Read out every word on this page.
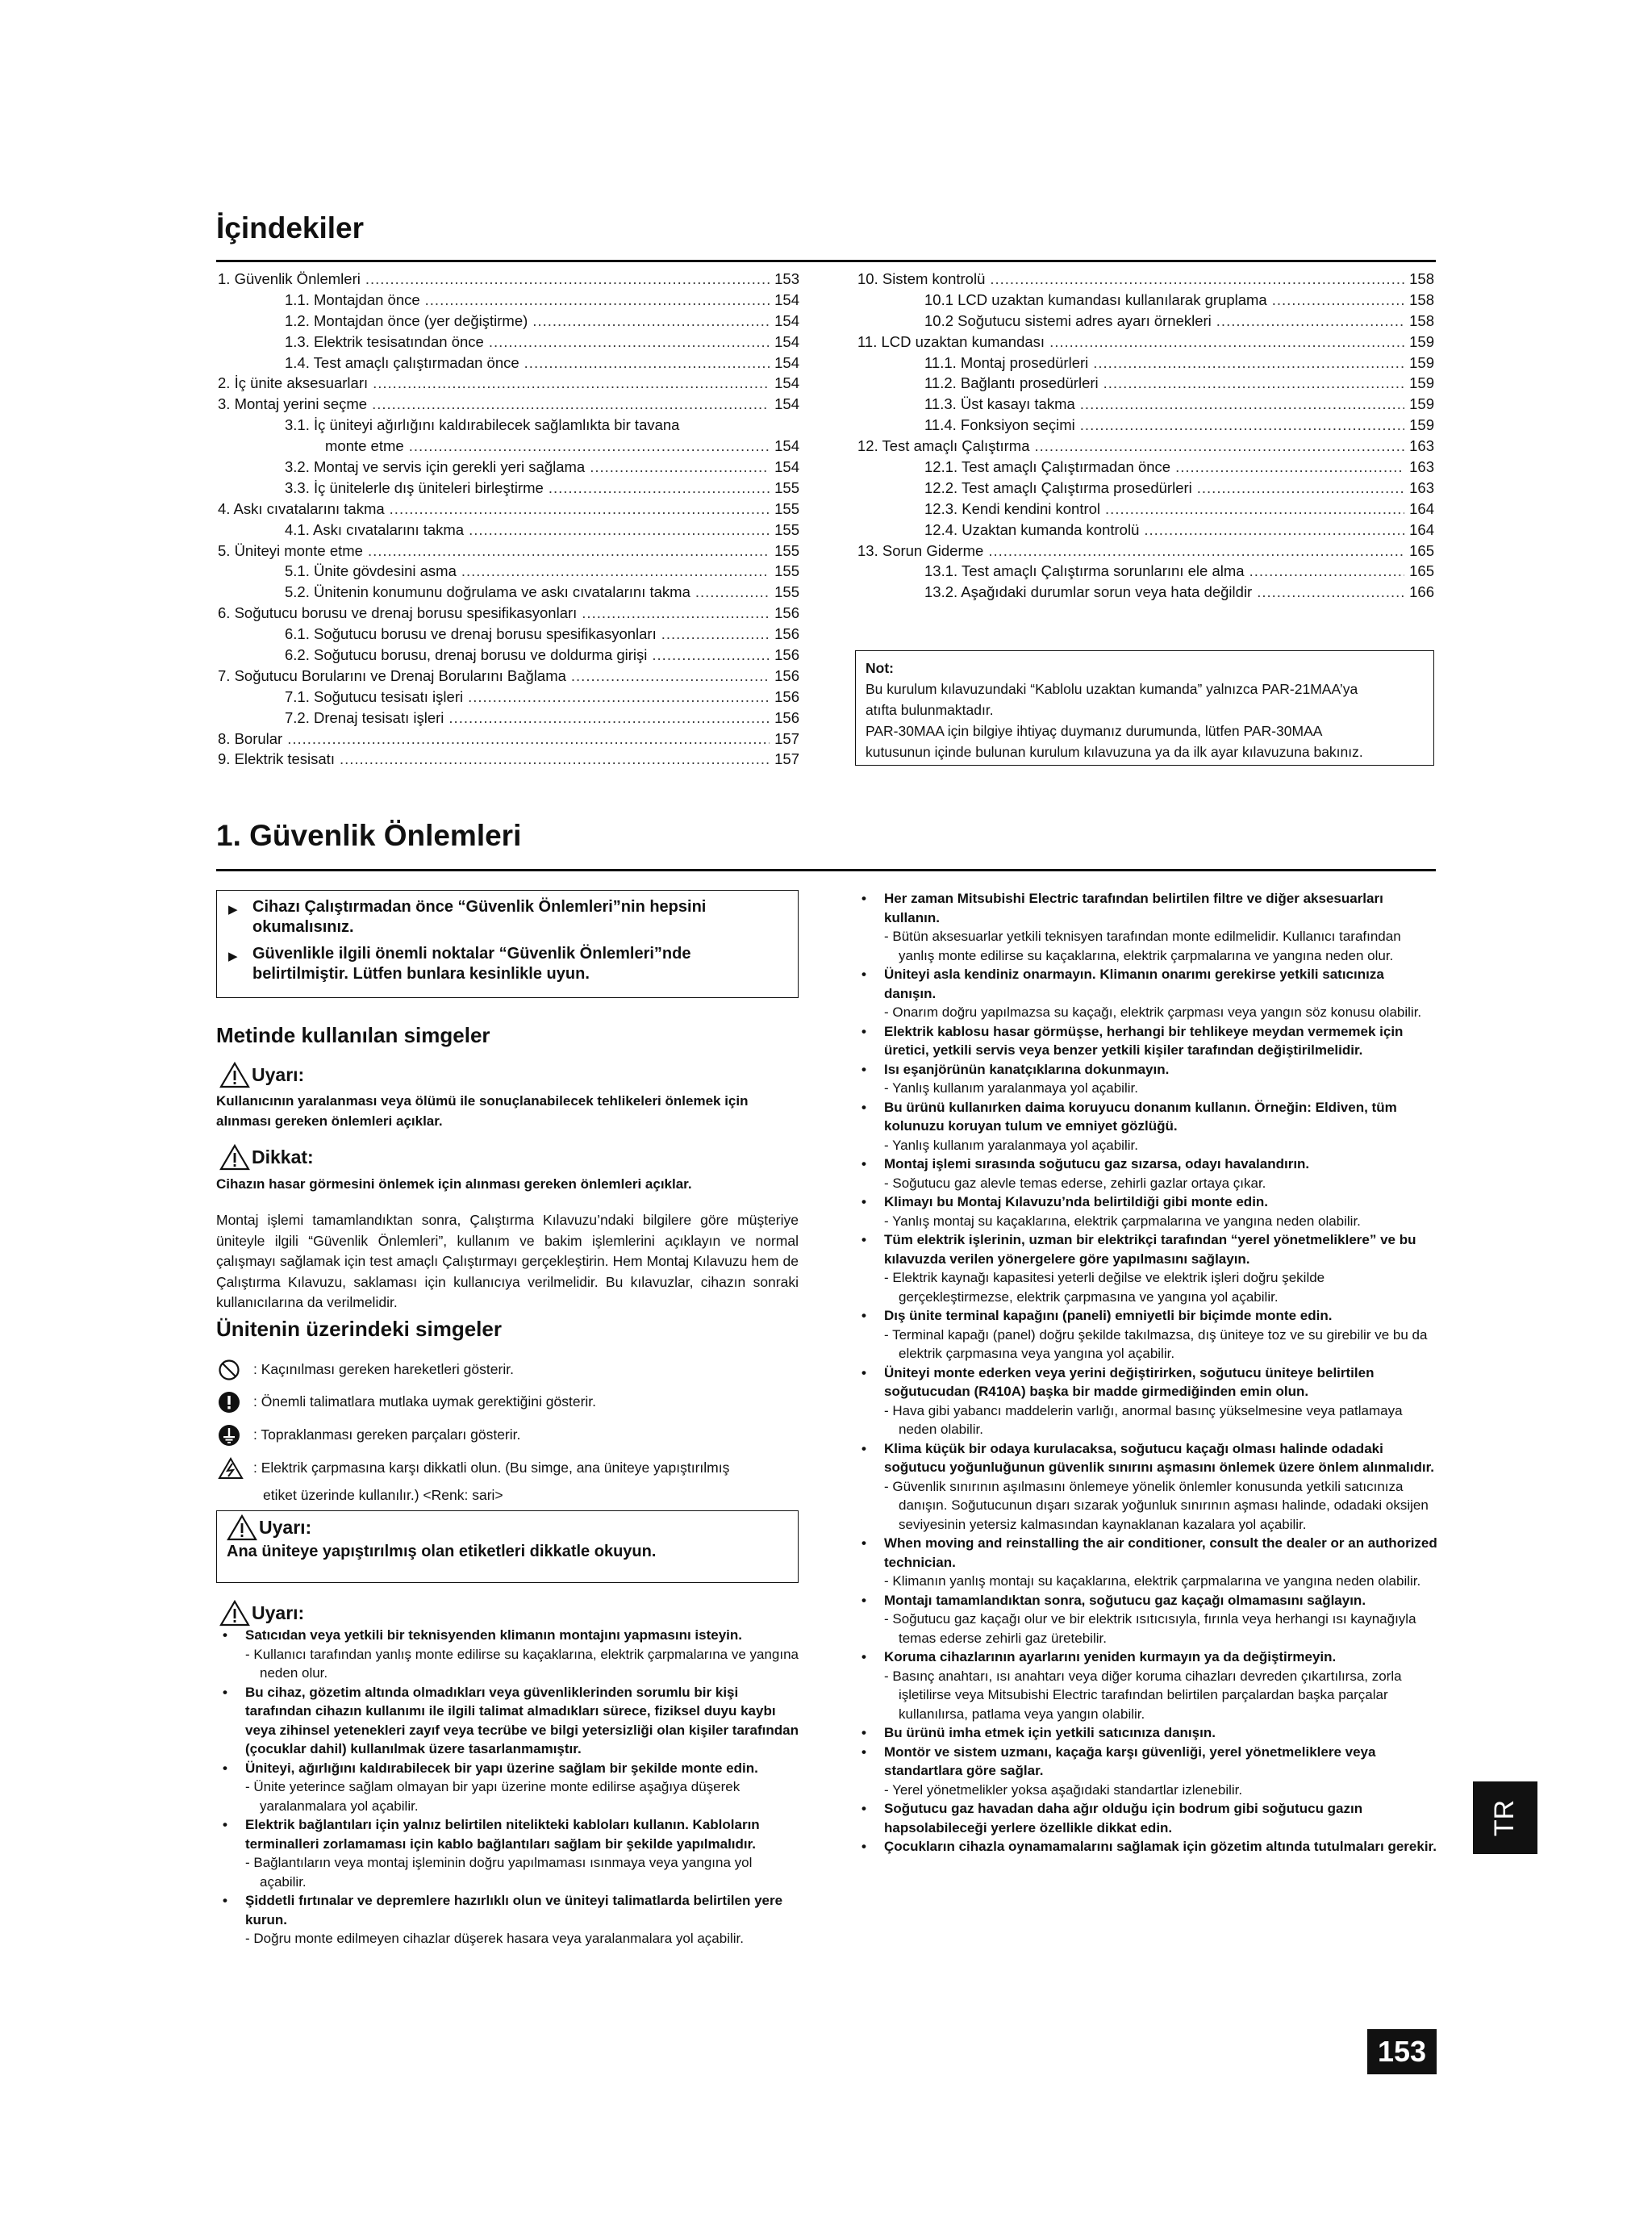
İçindekiler
1. Güvenlik Önlemleri .....	153
1.1. Montajdan önce .....	154
1.2. Montajdan önce (yer değiştirme) .....	154
1.3. Elektrik tesisatından önce .....	154
1.4. Test amaçlı çalıştırmadan önce .....	154
2. İç ünite aksesuarları .....	154
3. Montaj yerini seçme .....	154
3.1. İç üniteyi ağırlığını kaldırabilecek sağlamlıkta bir tavana
monte etme .....	154
3.2. Montaj ve servis için gerekli yeri sağlama .....	154
3.3. İç ünitelerle dış üniteleri birleştirme .....	155
4. Askı cıvatalarını takma .....	155
4.1. Askı cıvatalarını takma .....	155
5. Üniteyi monte etme .....	155
5.1. Ünite gövdesini asma .....	155
5.2. Ünitenin konumunu doğrulama ve askı cıvatalarını takma .....	155
6. Soğutucu borusu ve drenaj borusu spesifikasyonları .....	156
6.1. Soğutucu borusu ve drenaj borusu spesifikasyonları .....	156
6.2. Soğutucu borusu, drenaj borusu ve doldurma girişi .....	156
7. Soğutucu Borularını ve Drenaj Borularını Bağlama .....	156
7.1. Soğutucu tesisatı işleri .....	156
7.2. Drenaj tesisatı işleri .....	156
8. Borular .....	157
9. Elektrik tesisatı .....	157
10. Sistem kontrolü .....	158
10.1 LCD uzaktan kumandası kullanılarak gruplama .....	158
10.2 Soğutucu sistemi adres ayarı örnekleri .....	158
11. LCD uzaktan kumandası .....	159
11.1. Montaj prosedürleri .....	159
11.2. Bağlantı prosedürleri .....	159
11.3. Üst kasayı takma .....	159
11.4. Fonksiyon seçimi .....	159
12. Test amaçlı Çalıştırma .....	163
12.1. Test amaçlı Çalıştırmadan önce .....	163
12.2. Test amaçlı Çalıştırma prosedürleri .....	163
12.3. Kendi kendini kontrol .....	164
12.4. Uzaktan kumanda kontrolü .....	164
13. Sorun Giderme .....	165
13.1. Test amaçlı Çalıştırma sorunlarını ele alma .....	165
13.2. Aşağıdaki durumlar sorun veya hata değildir .....	166
Not:
Bu kurulum kılavuzundaki “Kablolu uzaktan kumanda” yalnızca PAR-21MAA’ya
atıfta bulunmaktadır.
PAR-30MAA için bilgiye ihtiyaç duymanız durumunda, lütfen PAR-30MAA
kutusunun içinde bulunan kurulum kılavuzuna ya da ilk ayar kılavuzuna bakınız.
1. Güvenlik Önlemleri
▶ Cihazı Çalıştırmadan önce “Güvenlik Önlemleri”nin hepsini okumalısınız.
▶ Güvenlikle ilgili önemli noktalar “Güvenlik Önlemleri”nde belirtilmiştir. Lütfen bunlara kesinlikle uyun.
Metinde kullanılan simgeler
Uyarı:
Kullanıcının yaralanması veya ölümü ile sonuçlanabilecek tehlikeleri önlemek için alınması gereken önlemleri açıklar.
Dikkat:
Cihazın hasar görmesini önlemek için alınması gereken önlemleri açıklar.
Montaj işlemi tamamlandıktan sonra, Çalıştırma Kılavuzu’ndaki bilgilere göre müşteriye üniteyle ilgili “Güvenlik Önlemleri”, kullanım ve bakim işlemlerini açıklayın ve normal çalışmayı sağlamak için test amaçlı Çalıştırmayı gerçekleştirin. Hem Montaj Kılavuzu hem de Çalıştırma Kılavuzu, saklaması için kullanıcıya verilmelidir. Bu kılavuzlar, cihazın sonraki kullanıcılarına da verilmelidir.
Ünitenin üzerindeki simgeler
: Kaçınılması gereken hareketleri gösterir.
: Önemli talimatlara mutlaka uymak gerektiğini gösterir.
: Topraklanması gereken parçaları gösterir.
: Elektrik çarpmasına karşı dikkatli olun. (Bu simge, ana üniteye yapıştırılmış
etiket üzerinde kullanılır.) <Renk: sari>
Uyarı:
Ana üniteye yapıştırılmış olan etiketleri dikkatle okuyun.
Uyarı:
• Satıcıdan veya yetkili bir teknisyenden klimanın montajını yapmasını isteyin.
- Kullanıcı tarafından yanlış monte edilirse su kaçaklarına, elektrik çarpmalarına ve yangına neden olur.
• Bu cihaz, gözetim altında olmadıkları veya güvenliklerinden sorumlu bir kişi tarafından cihazın kullanımı ile ilgili talimat almadıkları sürece, fiziksel duyu kaybı veya zihinsel yetenekleri zayıf veya tecrübe ve bilgi yetersizliği olan kişiler tarafından (çocuklar dahil) kullanılmak üzere tasarlanmamıştır.
• Üniteyi, ağırlığını kaldırabilecek bir yapı üzerine sağlam bir şekilde monte edin.
- Ünite yeterince sağlam olmayan bir yapı üzerine monte edilirse aşağıya düşerek yaralanmalara yol açabilir.
• Elektrik bağlantıları için yalnız belirtilen nitelikteki kabloları kullanın. Kabloların terminalleri zorlamaması için kablo bağlantıları sağlam bir şekilde yapılmalıdır.
- Bağlantıların veya montaj işleminin doğru yapılmaması ısınmaya veya yangına yol açabilir.
• Şiddetli fırtınalar ve depremlere hazırlıklı olun ve üniteyi talimatlarda belirtilen yere kurun.
- Doğru monte edilmeyen cihazlar düşerek hasara veya yaralanmalara yol açabilir.
• Her zaman Mitsubishi Electric tarafından belirtilen filtre ve diğer aksesuarları kullanın.
- Bütün aksesuarlar yetkili teknisyen tarafından monte edilmelidir. Kullanıcı tarafından yanlış monte edilirse su kaçaklarına, elektrik çarpmalarına ve yangına neden olur.
• Üniteyi asla kendiniz onarmayın. Klimanın onarımı gerekirse yetkili satıcınıza danışın.
- Onarım doğru yapılmazsa su kaçağı, elektrik çarpması veya yangın söz konusu olabilir.
• Elektrik kablosu hasar görmüşse, herhangi bir tehlikeye meydan vermemek için üretici, yetkili servis veya benzer yetkili kişiler tarafından değiştirilmelidir.
• Isı eşanjörünün kanatçıklarına dokunmayın.
- Yanlış kullanım yaralanmaya yol açabilir.
• Bu ürünü kullanırken daima koruyucu donanım kullanın. Örneğin: Eldiven, tüm kolunuzu koruyan tulum ve emniyet gözlüğü.
- Yanlış kullanım yaralanmaya yol açabilir.
• Montaj işlemi sırasında soğutucu gaz sızarsa, odayı havalandırın.
- Soğutucu gaz alevle temas ederse, zehirli gazlar ortaya çıkar.
• Klimayı bu Montaj Kılavuzu’nda belirtildiği gibi monte edin.
- Yanlış montaj su kaçaklarına, elektrik çarpmalarına ve yangına neden olabilir.
• Tüm elektrik işlerinin, uzman bir elektrikçi tarafından “yerel yönetmeliklere” ve bu kılavuzda verilen yönergelere göre yapılmasını sağlayın.
- Elektrik kaynağı kapasitesi yeterli değilse ve elektrik işleri doğru şekilde gerçekleştirmezse, elektrik çarpmasına ve yangına yol açabilir.
• Dış ünite terminal kapağını (paneli) emniyetli bir biçimde monte edin.
- Terminal kapağı (panel) doğru şekilde takılmazsa, dış üniteye toz ve su girebilir ve bu da elektrik çarpmasına veya yangına yol açabilir.
• Üniteyi monte ederken veya yerini değiştirirken, soğutucu üniteye belirtilen soğutucudan (R410A) başka bir madde girmediğinden emin olun.
- Hava gibi yabancı maddelerin varlığı, anormal basınç yükselmesine veya patlamaya neden olabilir.
• Klima küçük bir odaya kurulacaksa, soğutucu kaçağı olması halinde odadaki soğutucu yoğunluğunun güvenlik sınırını aşmasını önlemek üzere önlem alınmalıdır.
- Güvenlik sınırının aşılmasını önlemeye yönelik önlemler konusunda yetkili satıcınıza danışın. Soğutucunun dışarı sızarak yoğunluk sınırının aşması halinde, odadaki oksijen seviyesinin yetersiz kalmasından kaynaklanan kazalara yol açabilir.
• When moving and reinstalling the air conditioner, consult the dealer or an authorized technician.
- Klimanın yanlış montajı su kaçaklarına, elektrik çarpmalarına ve yangına neden olabilir.
• Montajı tamamlandıktan sonra, soğutucu gaz kaçağı olmamasını sağlayın.
- Soğutucu gaz kaçağı olur ve bir elektrik ısıtıcısıyla, fırınla veya herhangi ısı kaynağıyla temas ederse zehirli gaz üretebilir.
• Koruma cihazlarının ayarlarını yeniden kurmayın ya da değiştirmeyin.
- Basınç anahtarı, ısı anahtarı veya diğer koruma cihazları devreden çıkartılırsa, zorla işletilirse veya Mitsubishi Electric tarafından belirtilen parçalardan başka parçalar kullanılırsa, patlama veya yangın olabilir.
• Bu ürünü imha etmek için yetkili satıcınıza danışın.
• Montör ve sistem uzmanı, kaçağa karşı güvenliği, yerel yönetmeliklere veya standartlara göre sağlar.
- Yerel yönetmelikler yoksa aşağıdaki standartlar izlenebilir.
• Soğutucu gaz havadan daha ağır olduğu için bodrum gibi soğutucu gazın hapsolabileceği yerlere özellikle dikkat edin.
• Çocukların cihazla oynamamalarını sağlamak için gözetim altında tutulmaları gerekir.
TR
153
